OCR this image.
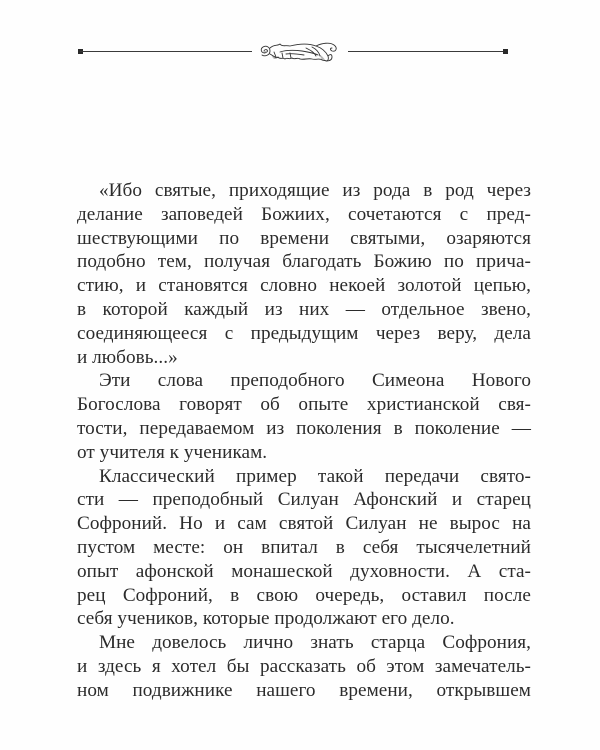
«Ибо святые, приходящие из рода в род через
делание заповедей Божиих, сочетаются с пред-
шествующими по времени святыми, озаряются
подобно тем, получая благодать Божию по прича-
стию, и становятся словно некоей золотой цепью,
в которой каждый из них — отдельное звено,
соединяющееся с предыдущим через веру, дела
и любовь...»
Эти слова преподобного Симеона Нового
Богослова говорят об опыте христианской свя-
тости, передаваемом из поколения в поколение —
от учителя к ученикам.
Классический пример такой передачи свято-
сти — преподобный Силуан Афонский и старец
Софроний. Но и сам святой Силуан не вырос на
пустом месте: он впитал в себя тысячелетний
опыт афонской монашеской духовности. А ста-
рец Софроний, в свою очередь, оставил после
себя учеников, которые продолжают его дело.
Мне довелось лично знать старца Софрония,
и здесь я хотел бы рассказать об этом замечатель-
ном подвижнике нашего времени, открывшем
